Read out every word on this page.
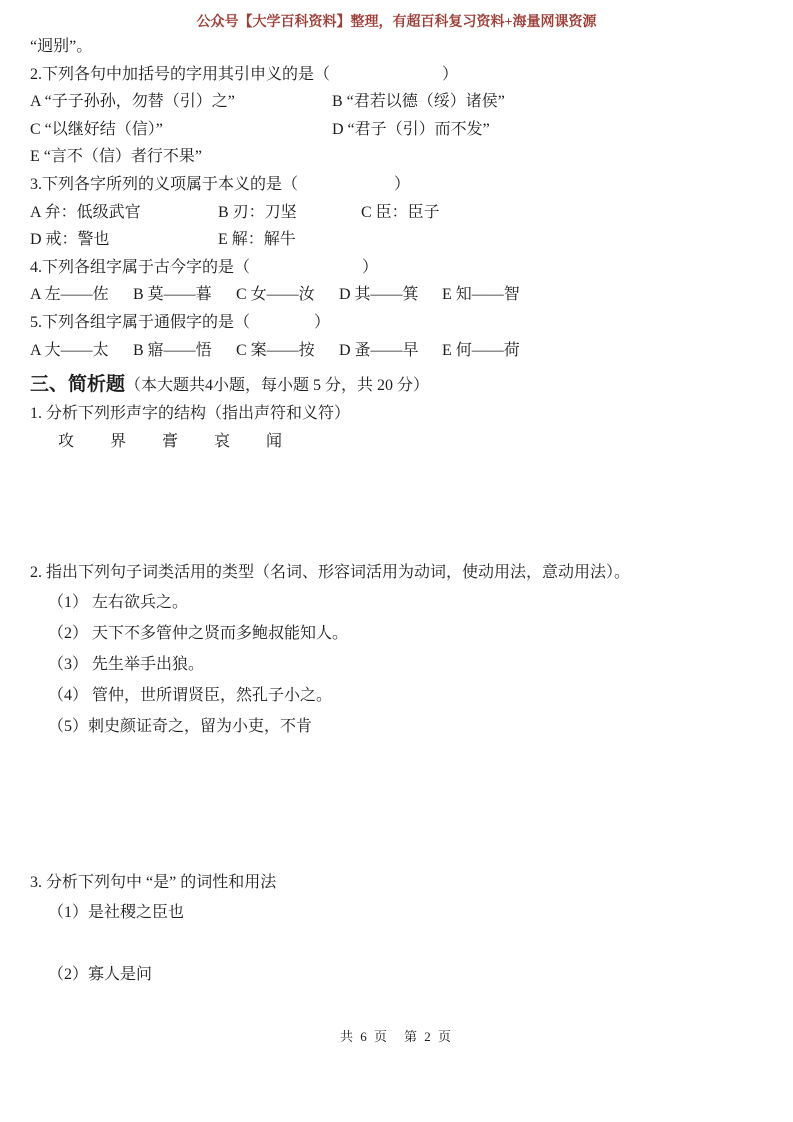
公众号【大学百科资料】整理，有超百科复习资料+海量网课资源
“迥别”。
2.下列各句中加括号的字用其引申义的是（　　　　　　　）
A “子子孙孙，勿替（引）之”	B “君若以德（绥）诸侯”
C “以继好结（信）”	D “君子（引）而不发”
E “言不（信）者行不果”
3.下列各字所列的义项属于本义的是（　　　　　　）
A 弁：低级武官	B 刃：刀坚	C 臣：臣子
D 戒：警也	E 解：解牛
4.下列各组字属于古今字的是（　　　　　　　）
A 左——佐 B 莫——暮 C 女——汝 D 其——箕 E 知——智
5.下列各组字属于通假字的是（　　　　）
A 大——太 B 寤——悟 C 案——按 D 蚤——早 E 何——荷
三、简析题（本大题共4小题，每小题 5 分，共 20 分）
1. 分析下列形声字的结构（指出声符和义符）
攻 界 膏 哀 闻
2. 指出下列句子词类活用的类型（名词、形容词活用为动词，使动用法，意动用法）。
（1） 左右欲兵之。
（2） 天下不多管仲之贤而多鲍叔能知人。
（3） 先生举手出狼。
（4） 管仲，世所谓贤臣，然孔子小之。
（5）刺史颜证奇之，留为小吏，不肯
3. 分析下列句中 “是” 的词性和用法
（1）是社稷之臣也
（2）寡人是问
共 6 页　第 2 页
